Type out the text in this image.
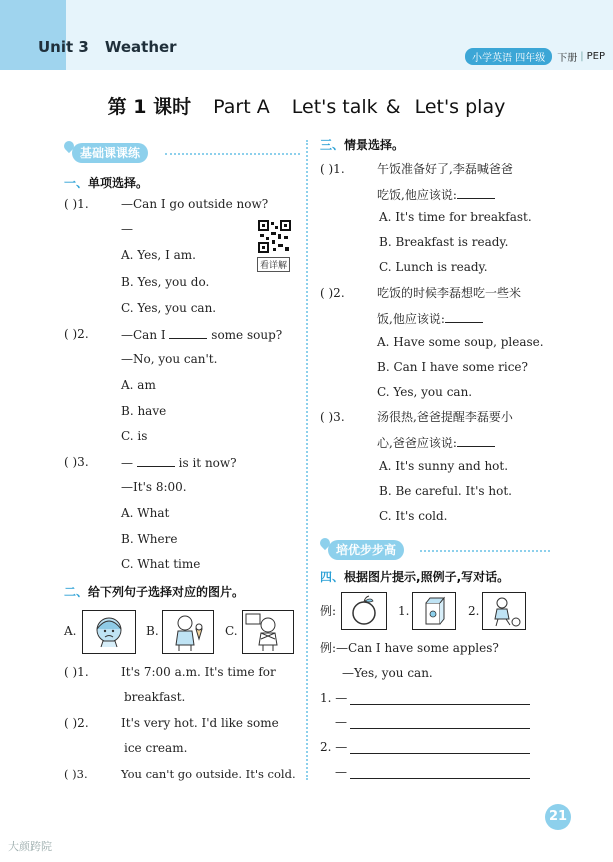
Unit 3 Weather
小学英语 四年级	下册 | PEP
第 1 课时 Part A Let's talk & Let's play
基础课课练
一、单项选择。
( )1.	—Can I go outside now?
—
A. Yes, I am.
B. Yes, you do.
C. Yes, you can.
看详解
( )2.	—Can I	some soup?
—No, you can't.
A. am
B. have
C. is
( )3.	—	is it now?
—It's 8:00.
A. What
B. Where
C. What time
二、给下列句子选择对应的图片。
A.	B.	C.
( )1.	It's 7:00 a.m. It's time for
breakfast.
( )2.	It's very hot. I'd like some
ice cream.
( )3.	You can't go outside. It's cold.
三、情景选择。
( )1.	午饭准备好了,李磊喊爸爸
吃饭,他应该说:
A. It's time for breakfast.
B. Breakfast is ready.
C. Lunch is ready.
( )2.	吃饭的时候李磊想吃一些米
饭,他应该说:
A. Have some soup, please.
B. Can I have some rice?
C. Yes, you can.
( )3.	汤很热,爸爸提醒李磊要小
心,爸爸应该说:
A. It's sunny and hot.
B. Be careful. It's hot.
C. It's cold.
培优步步高
四、根据图片提示,照例子,写对话。
例:	1.	2.
例:—Can I have some apples?
—Yes, you can.
1. —
—
2. —
—
21
大颜跨院
